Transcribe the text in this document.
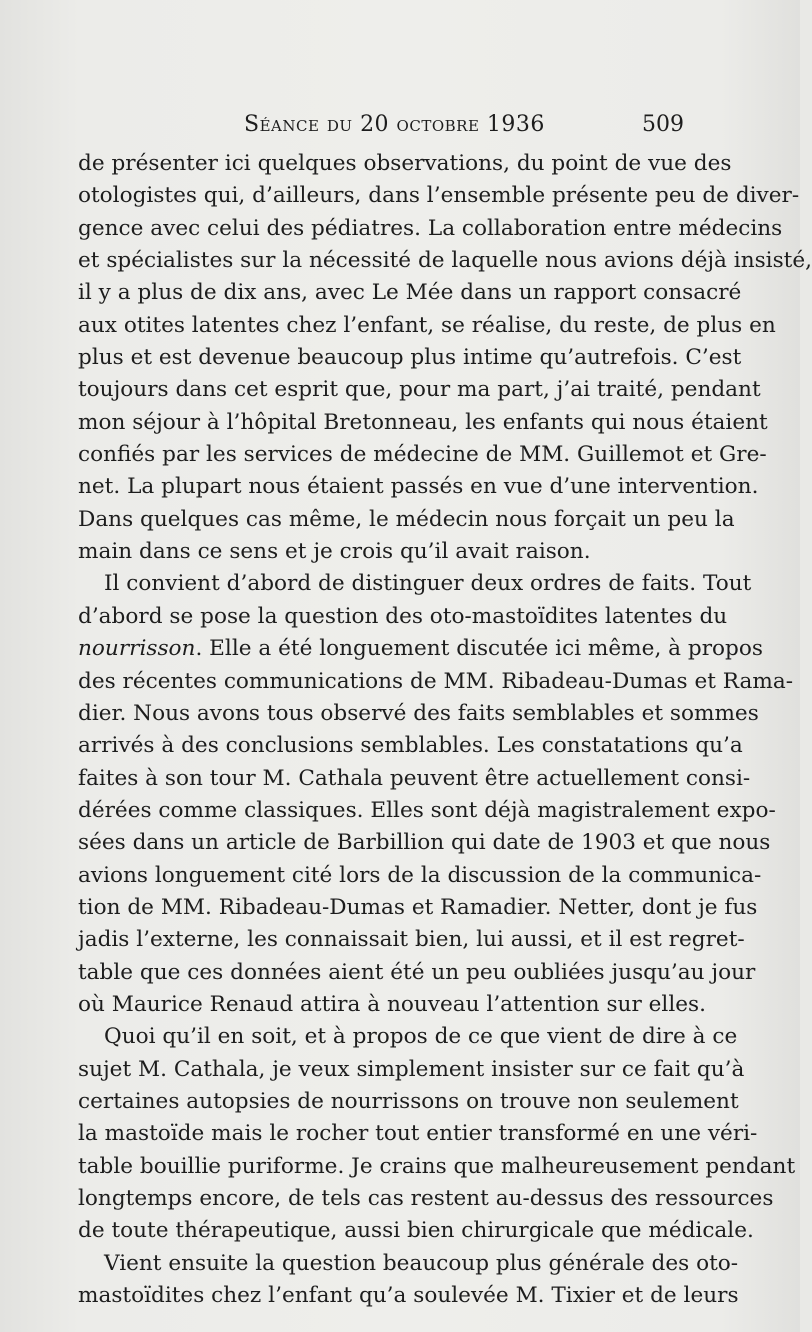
Séance du 20 octobre 1936	509
de présenter ici quelques observations, du point de vue des
otologistes qui, d’ailleurs, dans l’ensemble présente peu de diver-
gence avec celui des pédiatres. La collaboration entre médecins
et spécialistes sur la nécessité de laquelle nous avions déjà insisté,
il y a plus de dix ans, avec Le Mée dans un rapport consacré
aux otites latentes chez l’enfant, se réalise, du reste, de plus en
plus et est devenue beaucoup plus intime qu’autrefois. C’est
toujours dans cet esprit que, pour ma part, j’ai traité, pendant
mon séjour à l’hôpital Bretonneau, les enfants qui nous étaient
confiés par les services de médecine de MM. Guillemot et Gre-
net. La plupart nous étaient passés en vue d’une intervention.
Dans quelques cas même, le médecin nous forçait un peu la
main dans ce sens et je crois qu’il avait raison.
Il convient d’abord de distinguer deux ordres de faits. Tout
d’abord se pose la question des oto-mastoïdites latentes du
nourrisson. Elle a été longuement discutée ici même, à propos
des récentes communications de MM. Ribadeau-Dumas et Rama-
dier. Nous avons tous observé des faits semblables et sommes
arrivés à des conclusions semblables. Les constatations qu’a
faites à son tour M. Cathala peuvent être actuellement consi-
dérées comme classiques. Elles sont déjà magistralement expo-
sées dans un article de Barbillion qui date de 1903 et que nous
avions longuement cité lors de la discussion de la communica-
tion de MM. Ribadeau-Dumas et Ramadier. Netter, dont je fus
jadis l’externe, les connaissait bien, lui aussi, et il est regret-
table que ces données aient été un peu oubliées jusqu’au jour
où Maurice Renaud attira à nouveau l’attention sur elles.
Quoi qu’il en soit, et à propos de ce que vient de dire à ce
sujet M. Cathala, je veux simplement insister sur ce fait qu’à
certaines autopsies de nourrissons on trouve non seulement
la mastoïde mais le rocher tout entier transformé en une véri-
table bouillie puriforme. Je crains que malheureusement pendant
longtemps encore, de tels cas restent au-dessus des ressources
de toute thérapeutique, aussi bien chirurgicale que médicale.
Vient ensuite la question beaucoup plus générale des oto-
mastoïdites chez l’enfant qu’a soulevée M. Tixier et de leurs
